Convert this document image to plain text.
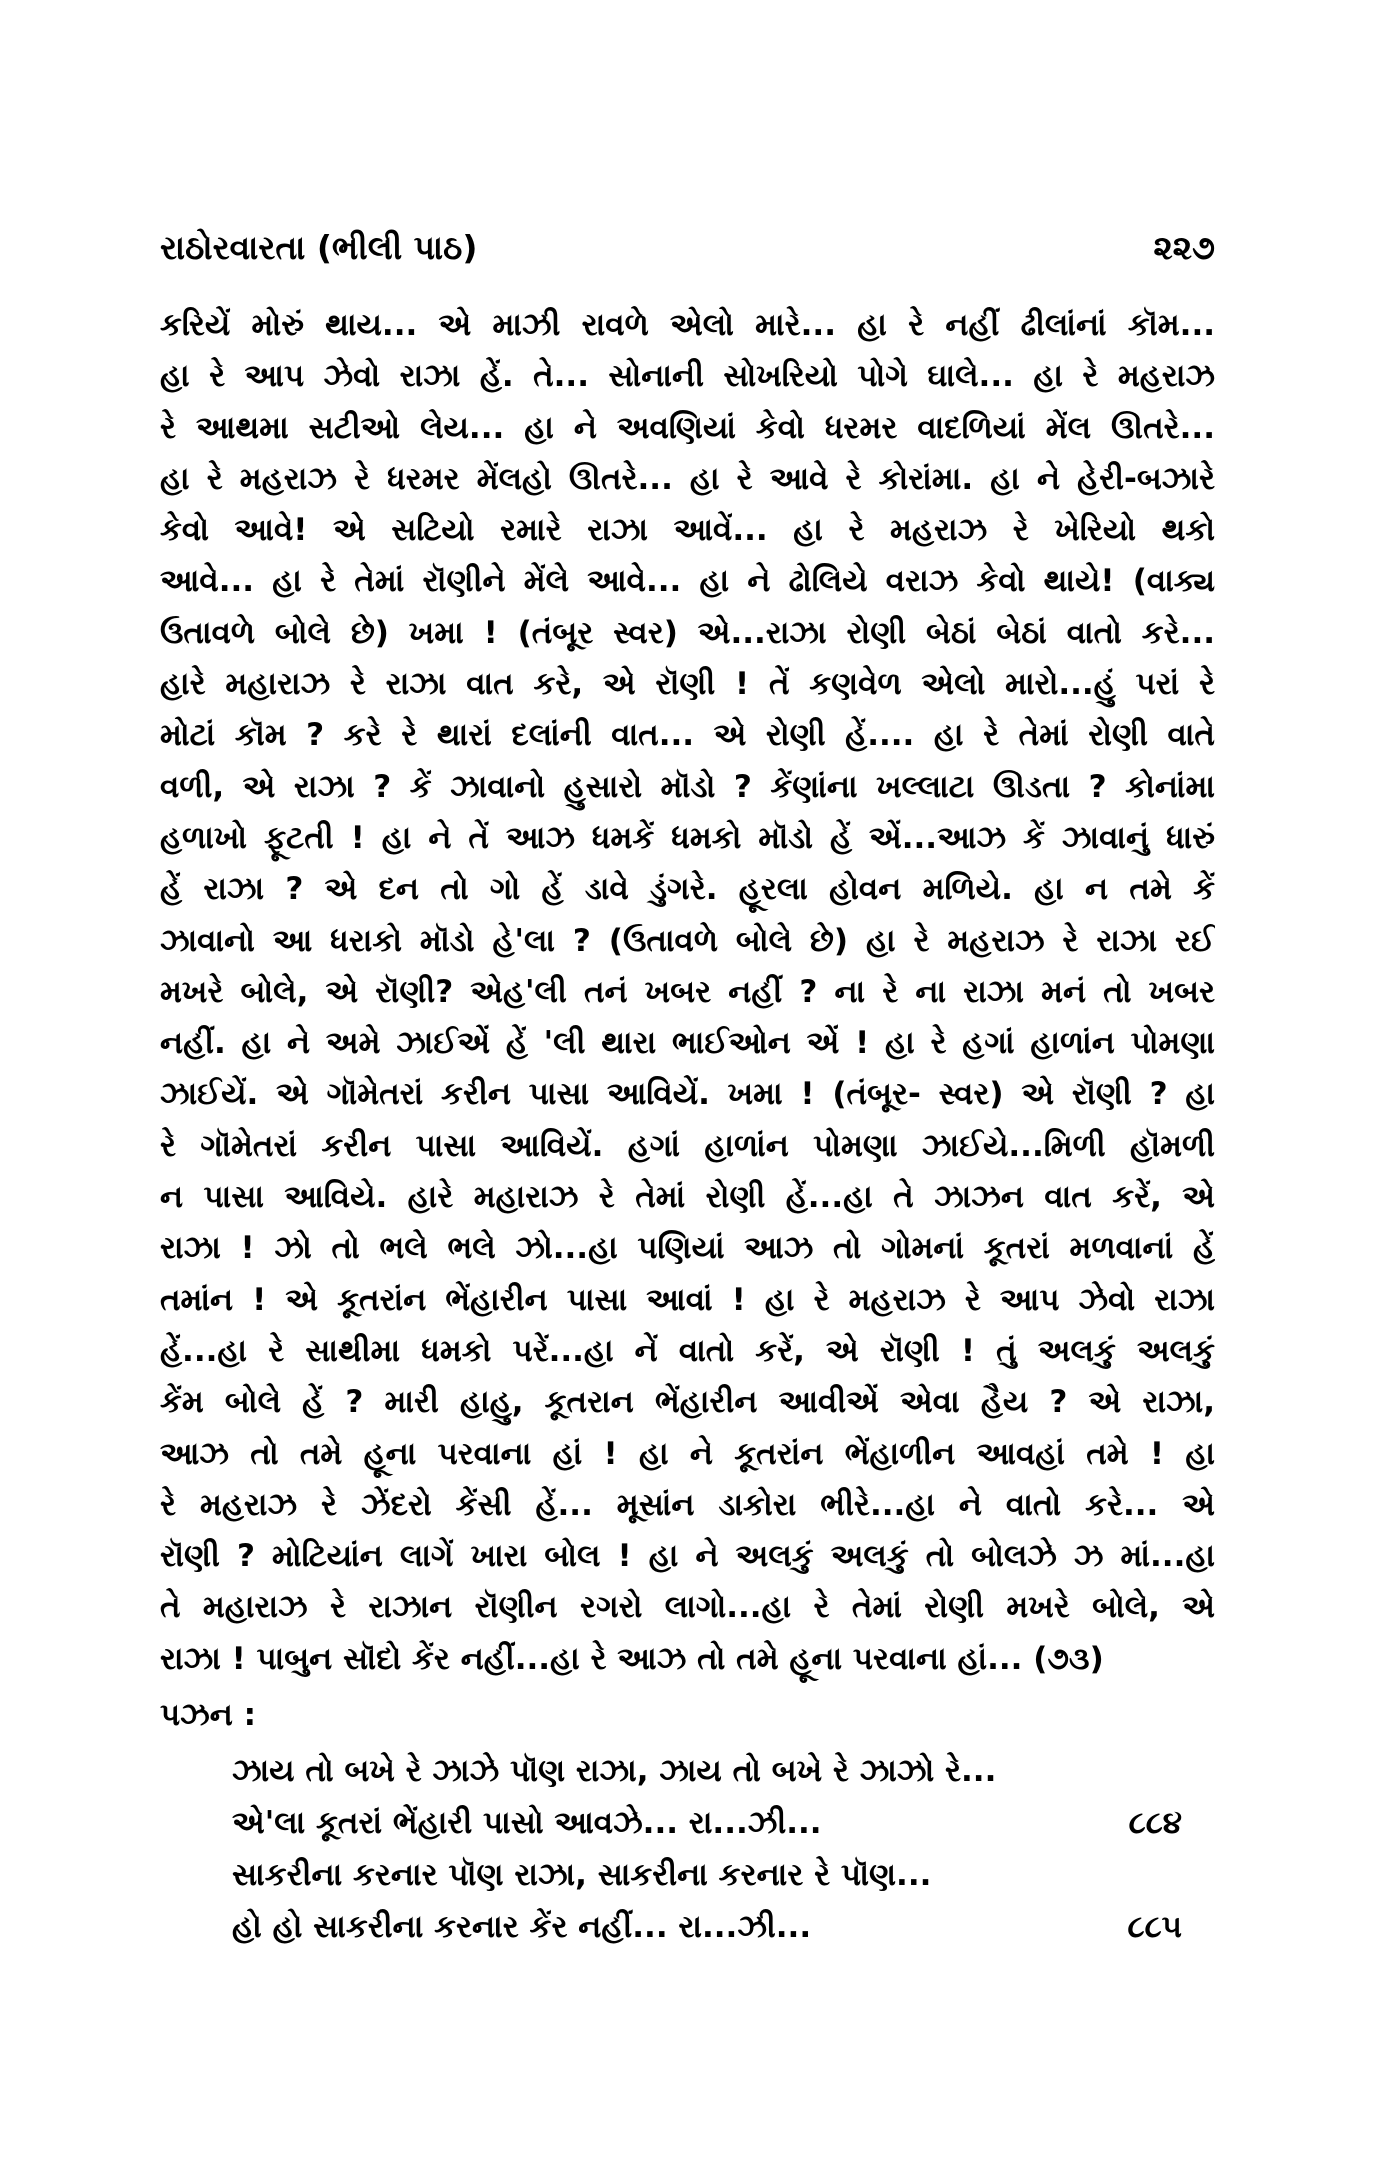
રાઠોરવારતા (ભીલી પાઠ)	૨૨૭
કરિયેં મોરું થાય... એ માઝી રાવળે એલો મારે... હા રે નહીં ઢીલાંનાં કૉમ...
હા રે આપ ઝેવો રાઝા હેં. તે... સોનાની સોખરિયો પોગે ઘાલે... હા રે મહરાઝ
રે આથમા સટીઓ લેય... હા ને અવણિયાં કેવો ધરમર વાદળિયાં મેંલ ઊતરે...
હા રે મહરાઝ રે ધરમર મેંલહો ઊતરે... હા રે આવે રે કોરાંમા. હા ને હેરી-બઝારે
કેવો આવે! એ સટિયો રમારે રાઝા આવેં... હા રે મહરાઝ રે ખેરિયો થકો
આવે... હા રે તેમાં રૉણીને મેંલે આવે... હા ને ઢોલિયે વરાઝ કેવો થાયે! (વાક્ય
ઉતાવળે બોલે છે) ખમા ! (તંબૂર સ્વર) એ...રાઝા રોણી બેઠાં બેઠાં વાતો કરે...
હારે મહારાઝ રે રાઝા વાત કરે, એ રૉણી ! તેં કણવેળ એલો મારો...હું પરાં રે
મોટાં કૉમ ? કરે રે થારાં દલાંની વાત... એ રોણી હેં.... હા રે તેમાં રોણી વાતે
વળી, એ રાઝા ? કેં ઝાવાનો હુસારો મૉડો ? કેંણાંના ખલ્લાટા ઊડતા ? કોનાંમા
હળાખો ફૂટતી ! હા ને તેં આઝ ધમકેં ધમકો મૉડો હેં એં...આઝ કેં ઝાવાનું ધારું
હેં રાઝા ? એ દન તો ગો હેં ડાવે ડુંગરે. હૂરલા હોવન મળિયે. હા ન તમે કેં
ઝાવાનો આ ધરાકો મૉડો હે'લા ? (ઉતાવળે બોલે છે) હા રે મહરાઝ રે રાઝા રઈ
મખરે બોલે, એ રૉણી? એહ'લી તનં ખબર નહીં ? ના રે ના રાઝા મનં તો ખબર
નહીં. હા ને અમે ઝાઈએં હેં 'લી થારા ભાઈઓન એં ! હા રે હગાં હાળાંન પોમણા
ઝાઈયેં. એ ગૉમેતરાં કરીન પાસા આવિયેં. ખમા ! (તંબૂર- સ્વર) એ રૉણી ? હા
રે ગૉમેતરાં કરીન પાસા આવિયેં. હગાં હાળાંન પોમણા ઝાઈયે...મિળી હૉમળી
ન પાસા આવિયે. હારે મહારાઝ રે તેમાં રોણી હેં...હા તે ઝાઝન વાત કરેં, એ
રાઝા ! ઝો તો ભલે ભલે ઝો...હા પણિયાં આઝ તો ગોમનાં કૂતરાં મળવાનાં હેં
તમાંન ! એ કૂતરાંન ભેંહારીન પાસા આવાં ! હા રે મહરાઝ રે આપ ઝેવો રાઝા
હેં...હા રે સાથીમા ધમકો પરેં...હા નેં વાતો કરેં, એ રૉણી ! તું અલકું અલકું
કેંમ બોલે હેં ? મારી હાહુ, કૂતરાન ભેંહારીન આવીએં એવા હૈય ? એ રાઝા,
આઝ તો તમે હૂના પરવાના હાં ! હા ને કૂતરાંન ભેંહાળીન આવહાં તમે ! હા
રે મહરાઝ રે ઝેંદરો કેંસી હેં... મૂસાંન ડાકોરા ભીરે...હા ને વાતો કરે... એ
રૉણી ? મોટિયાંન લાગેં ખારા બોલ ! હા ને અલકું અલકું તો બોલઝે ઝ માં...હા
તે મહારાઝ રે રાઝાન રૉણીન રગરો લાગો...હા રે તેમાં રોણી મખરે બોલે, એ
રાઝા ! પાબુન સૉદો કેંર નહીં...હા રે આઝ તો તમે હૂના પરવાના હાં... (૭૩)
પઝન :
ઝાય તો બખે રે ઝાઝે પૉણ રાઝા, ઝાય તો બખે રે ઝાઝો રે...
એ'લા કૂતરાં ભેંહારી પાસો આવઝે... રા...ઝી...	૮૮૪
સાકરીના કરનાર પૉણ રાઝા, સાકરીના કરનાર રે પૉણ...
હો હો સાકરીના કરનાર કેંર નહીં... રા...ઝી...	૮૮૫
